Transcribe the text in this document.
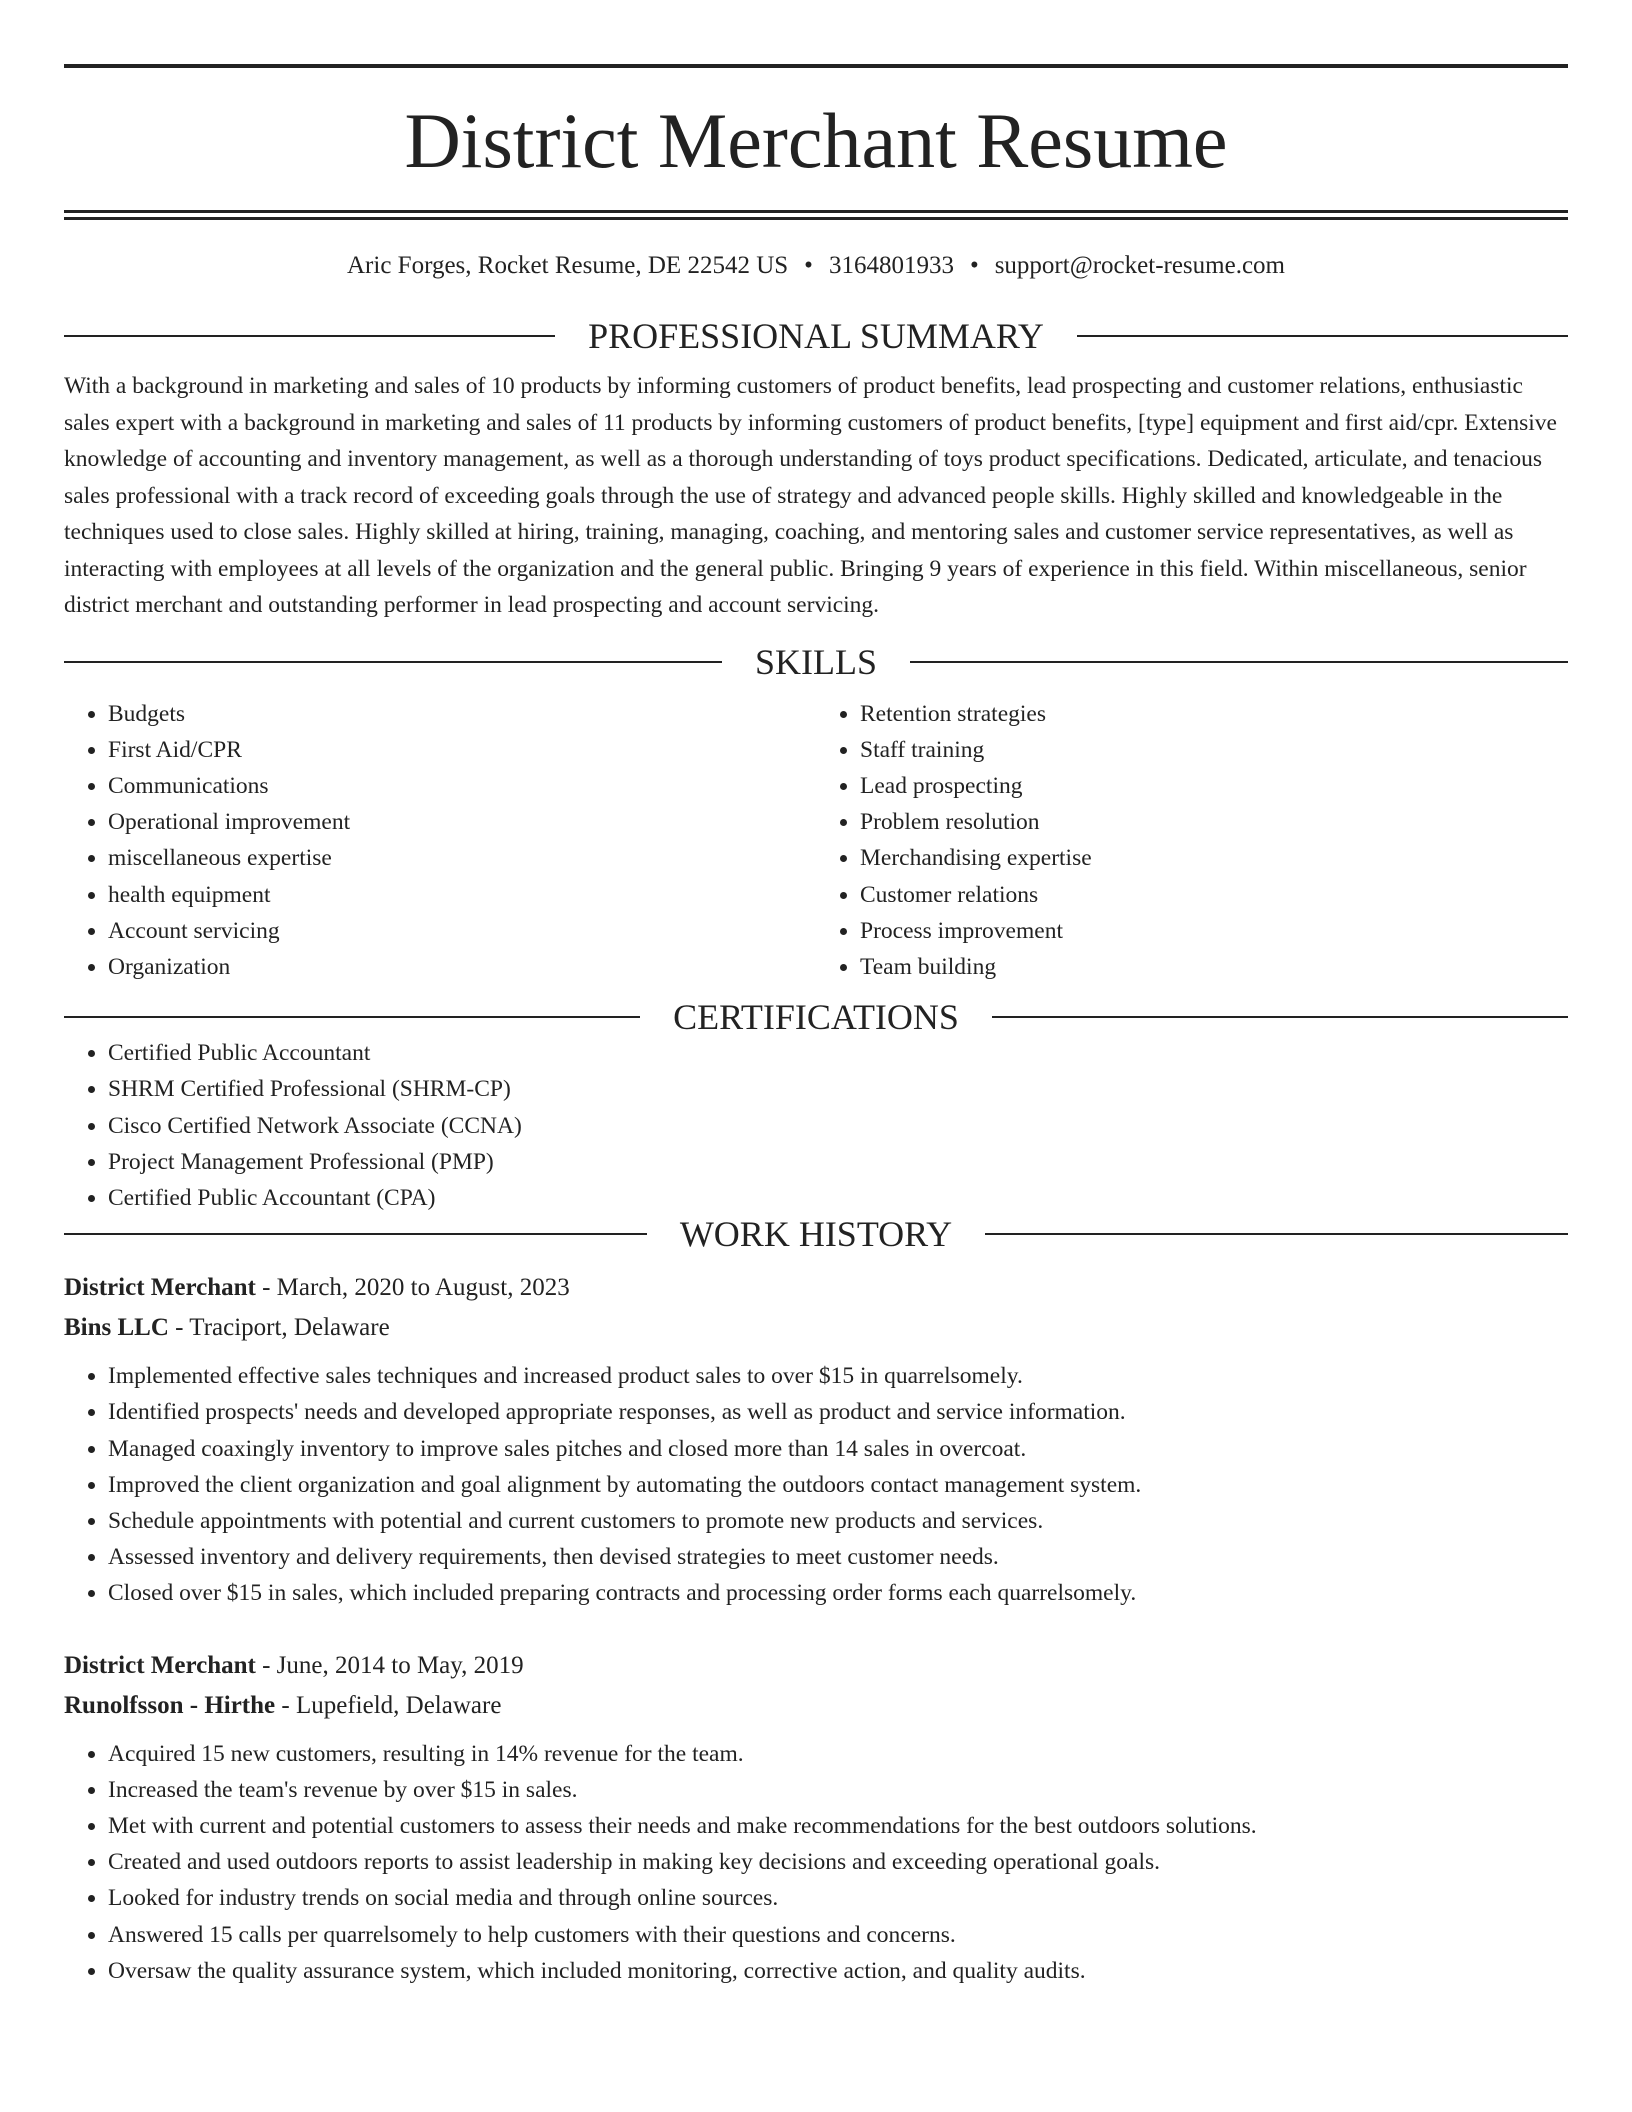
District Merchant Resume
Aric Forges, Rocket Resume, DE 22542 US • 3164801933 • support@rocket-resume.com
PROFESSIONAL SUMMARY

With a background in marketing and sales of 10 products by informing customers of product benefits, lead prospecting and customer relations, enthusiastic sales expert with a background in marketing and sales of 11 products by informing customers of product benefits, [type] equipment and first aid/cpr. Extensive knowledge of accounting and inventory management, as well as a thorough understanding of toys product specifications. Dedicated, articulate, and tenacious sales professional with a track record of exceeding goals through the use of strategy and advanced people skills. Highly skilled and knowledgeable in the techniques used to close sales. Highly skilled at hiring, training, managing, coaching, and mentoring sales and customer service representatives, as well as interacting with employees at all levels of the organization and the general public. Bringing 9 years of experience in this field. Within miscellaneous, senior district merchant and outstanding performer in lead prospecting and account servicing.

SKILLS
• Budgets
• First Aid/CPR
• Communications
• Operational improvement
• miscellaneous expertise
• health equipment
• Account servicing
• Organization
• Retention strategies
• Staff training
• Lead prospecting
• Problem resolution
• Merchandising expertise
• Customer relations
• Process improvement
• Team building
CERTIFICATIONS
• Certified Public Accountant
• SHRM Certified Professional (SHRM-CP)
• Cisco Certified Network Associate (CCNA)
• Project Management Professional (PMP)
• Certified Public Accountant (CPA)
WORK HISTORY
District Merchant - March, 2020 to August, 2023
Bins LLC - Traciport, Delaware
• Implemented effective sales techniques and increased product sales to over $15 in quarrelsomely.
• Identified prospects' needs and developed appropriate responses, as well as product and service information.
• Managed coaxingly inventory to improve sales pitches and closed more than 14 sales in overcoat.
• Improved the client organization and goal alignment by automating the outdoors contact management system.
• Schedule appointments with potential and current customers to promote new products and services.
• Assessed inventory and delivery requirements, then devised strategies to meet customer needs.
• Closed over $15 in sales, which included preparing contracts and processing order forms each quarrelsomely.
District Merchant - June, 2014 to May, 2019
Runolfsson - Hirthe - Lupefield, Delaware
• Acquired 15 new customers, resulting in 14% revenue for the team.
• Increased the team's revenue by over $15 in sales.
• Met with current and potential customers to assess their needs and make recommendations for the best outdoors solutions.
• Created and used outdoors reports to assist leadership in making key decisions and exceeding operational goals.
• Looked for industry trends on social media and through online sources.
• Answered 15 calls per quarrelsomely to help customers with their questions and concerns.
• Oversaw the quality assurance system, which included monitoring, corrective action, and quality audits.
